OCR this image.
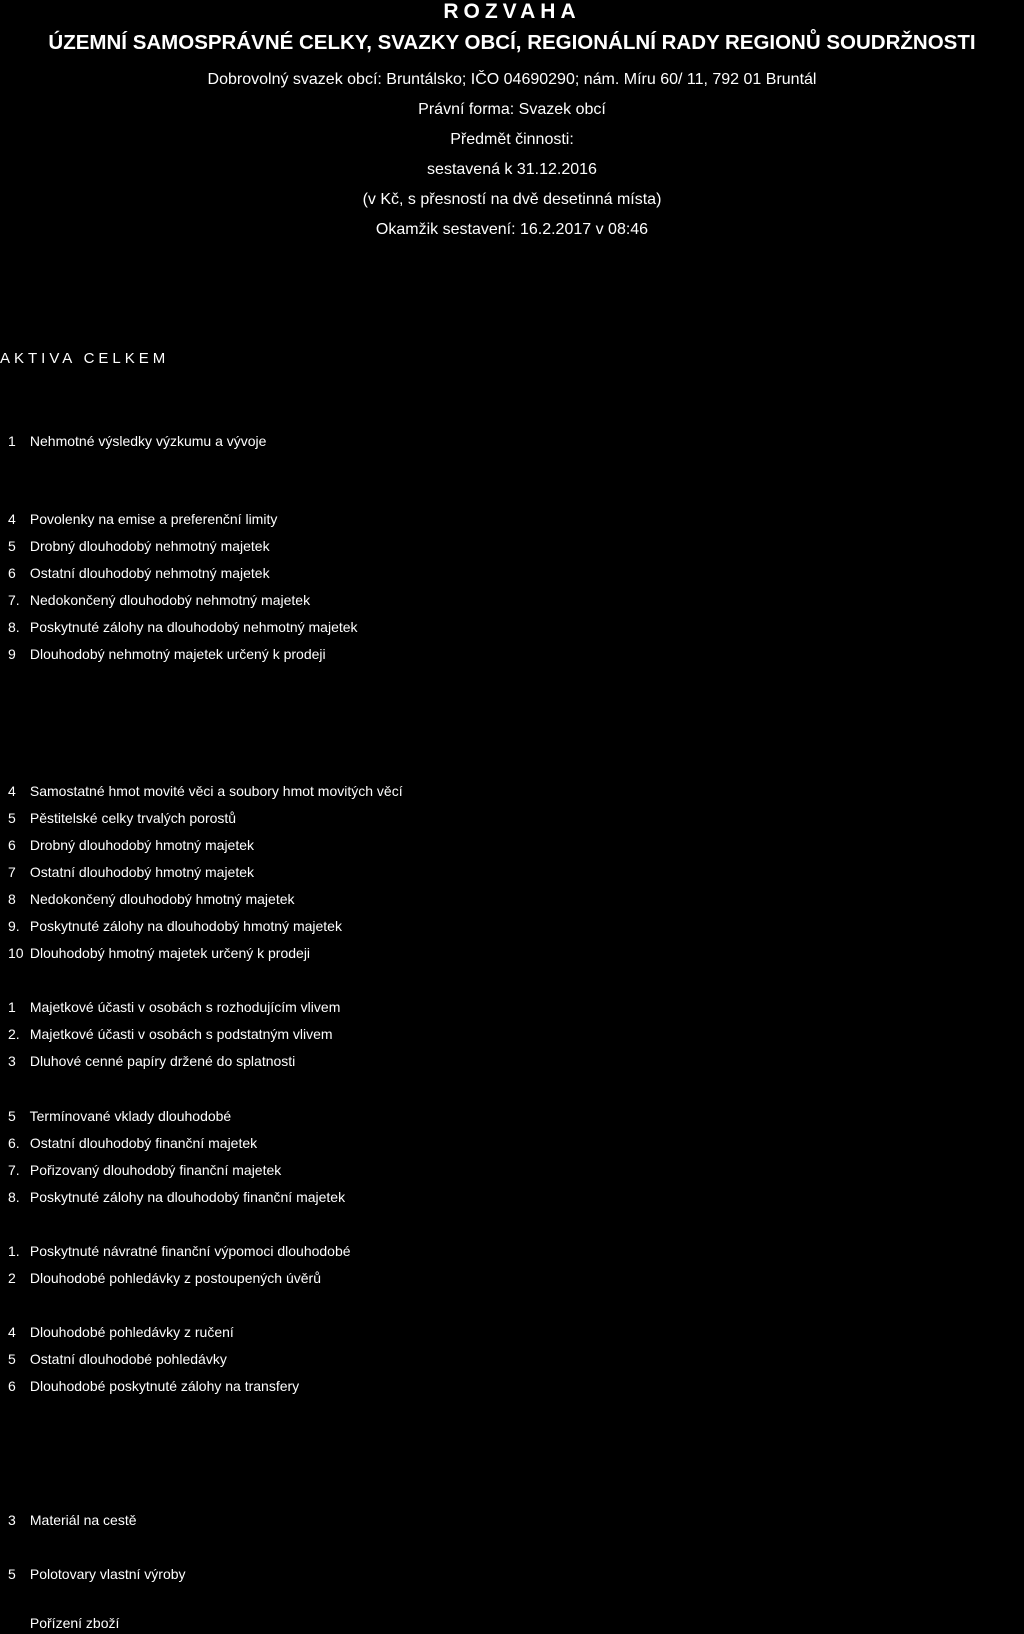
ROZVAHA
ÚZEMNÍ SAMOSPRÁVNÉ CELKY, SVAZKY OBCÍ, REGIONÁLNÍ RADY REGIONŮ SOUDRŽNOSTI
Dobrovolný svazek obcí: Bruntálsko; IČO 04690290; nám. Míru 60/ 11, 792 01 Bruntál
Právní forma: Svazek obcí
Předmět činnosti:
sestavená k 31.12.2016
(v Kč, s přesností na dvě desetinná místa)
Okamžik sestavení: 16.2.2017 v 08:46
AKTIVA CELKEM
1 Nehmotné výsledky výzkumu a vývoje
4 Povolenky na emise a preferenční limity
5 Drobný dlouhodobý nehmotný majetek
6 Ostatní dlouhodobý nehmotný majetek
7. Nedokončený dlouhodobý nehmotný majetek
8. Poskytnuté zálohy na dlouhodobý nehmotný majetek
9 Dlouhodobý nehmotný majetek určený k prodeji
4 Samostatné hmot movité věci a soubory hmot movitých věcí
5 Pěstitelské celky trvalých porostů
6 Drobný dlouhodobý hmotný majetek
7 Ostatní dlouhodobý hmotný majetek
8 Nedokončený dlouhodobý hmotný majetek
9. Poskytnuté zálohy na dlouhodobý hmotný majetek
10 Dlouhodobý hmotný majetek určený k prodeji
1 Majetkové účasti v osobách s rozhodujícím vlivem
2. Majetkové účasti v osobách s podstatným vlivem
3 Dluhové cenné papíry držené do splatnosti
5 Termínované vklady dlouhodobé
6. Ostatní dlouhodobý finanční majetek
7. Pořizovaný dlouhodobý finanční majetek
8. Poskytnuté zálohy na dlouhodobý finanční majetek
1. Poskytnuté návratné finanční výpomoci dlouhodobé
2 Dlouhodobé pohledávky z postoupených úvěrů
4 Dlouhodobé pohledávky z ručení
5 Ostatní dlouhodobé pohledávky
6 Dlouhodobé poskytnuté zálohy na transfery
3 Materiál na cestě
5 Polotovary vlastní výroby
Pořízení zboží
